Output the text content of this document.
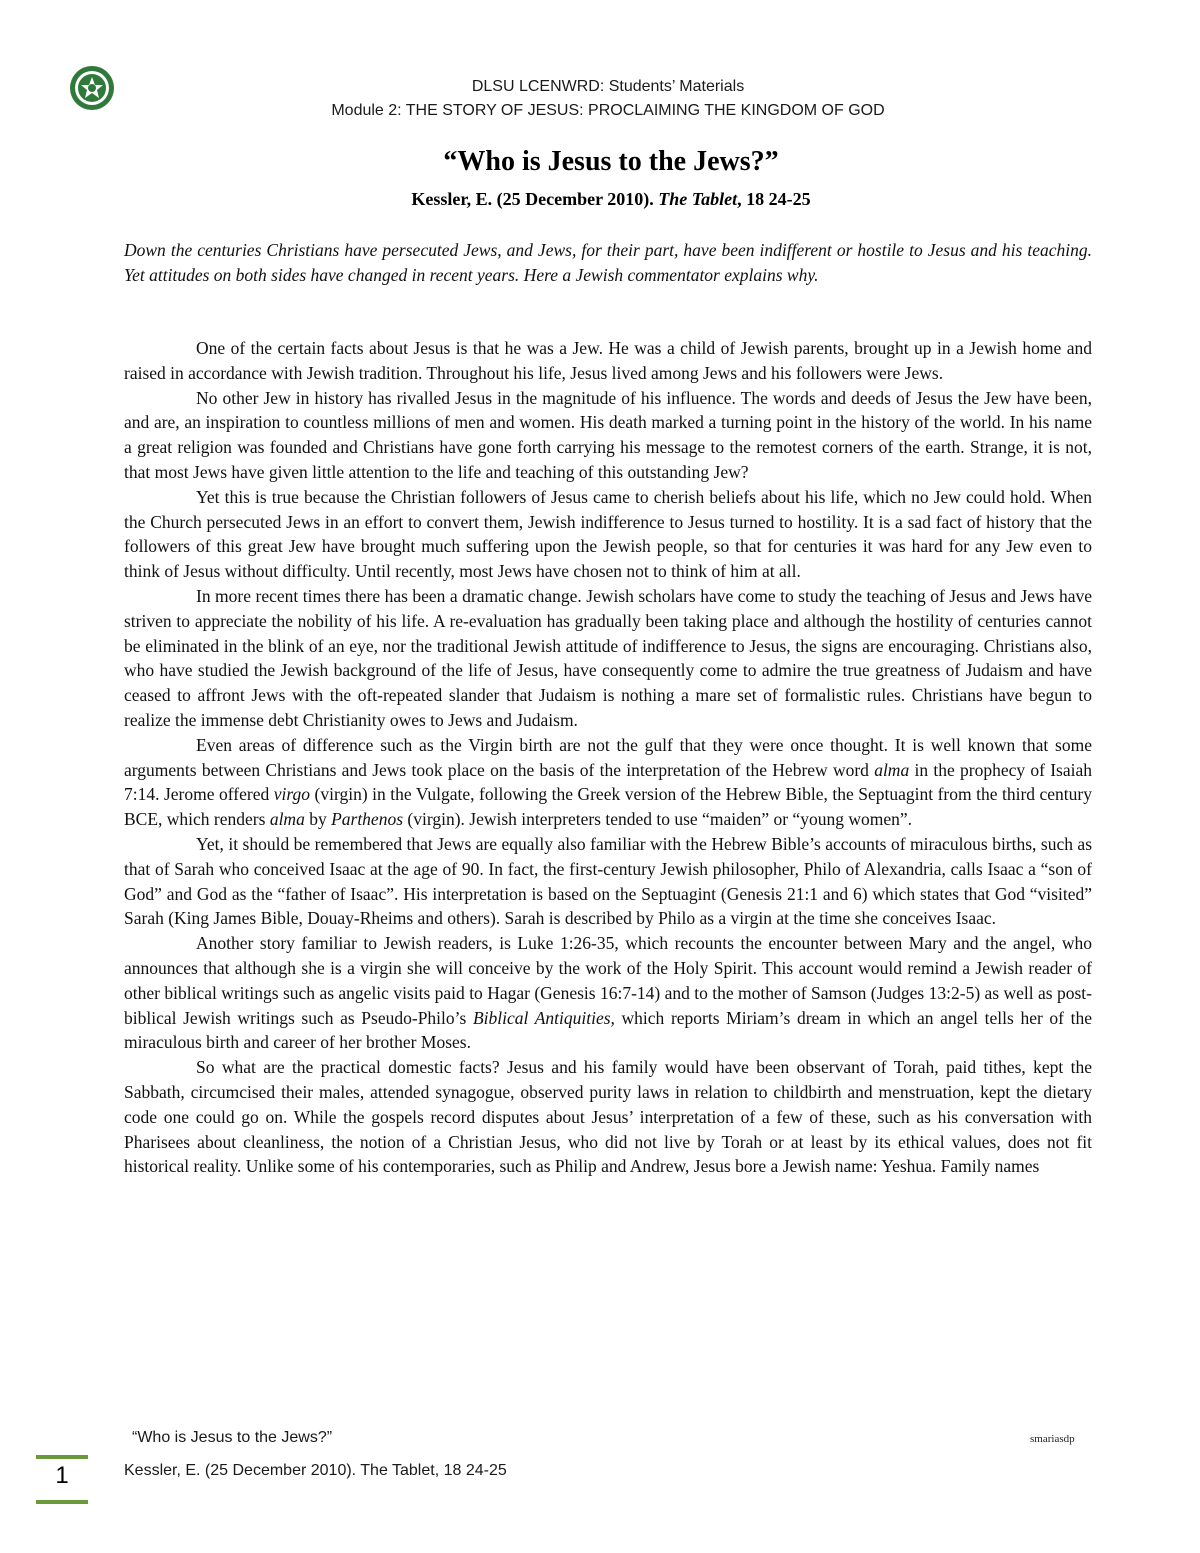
DLSU LCENWRD: Students’ Materials
Module 2: THE STORY OF JESUS: PROCLAIMING THE KINGDOM OF GOD
“Who is Jesus to the Jews?”
Kessler, E. (25 December 2010). The Tablet, 18 24-25

Down the centuries Christians have persecuted Jews, and Jews, for their part, have been indifferent or hostile to Jesus and his teaching. Yet attitudes on both sides have changed in recent years. Here a Jewish commentator explains why.

One of the certain facts about Jesus is that he was a Jew. He was a child of Jewish parents, brought up in a Jewish home and raised in accordance with Jewish tradition. Throughout his life, Jesus lived among Jews and his followers were Jews.

No other Jew in history has rivalled Jesus in the magnitude of his influence. The words and deeds of Jesus the Jew have been, and are, an inspiration to countless millions of men and women. His death marked a turning point in the history of the world. In his name a great religion was founded and Christians have gone forth carrying his message to the remotest corners of the earth. Strange, it is not, that most Jews have given little attention to the life and teaching of this outstanding Jew?

Yet this is true because the Christian followers of Jesus came to cherish beliefs about his life, which no Jew could hold. When the Church persecuted Jews in an effort to convert them, Jewish indifference to Jesus turned to hostility. It is a sad fact of history that the followers of this great Jew have brought much suffering upon the Jewish people, so that for centuries it was hard for any Jew even to think of Jesus without difficulty. Until recently, most Jews have chosen not to think of him at all.

In more recent times there has been a dramatic change. Jewish scholars have come to study the teaching of Jesus and Jews have striven to appreciate the nobility of his life. A re-evaluation has gradually been taking place and although the hostility of centuries cannot be eliminated in the blink of an eye, nor the traditional Jewish attitude of indifference to Jesus, the signs are encouraging. Christians also, who have studied the Jewish background of the life of Jesus, have consequently come to admire the true greatness of Judaism and have ceased to affront Jews with the oft-repeated slander that Judaism is nothing a mare set of formalistic rules. Christians have begun to realize the immense debt Christianity owes to Jews and Judaism.

Even areas of difference such as the Virgin birth are not the gulf that they were once thought. It is well known that some arguments between Christians and Jews took place on the basis of the interpretation of the Hebrew word alma in the prophecy of Isaiah 7:14. Jerome offered virgo (virgin) in the Vulgate, following the Greek version of the Hebrew Bible, the Septuagint from the third century BCE, which renders alma by Parthenos (virgin). Jewish interpreters tended to use “maiden” or “young women”.

Yet, it should be remembered that Jews are equally also familiar with the Hebrew Bible’s accounts of miraculous births, such as that of Sarah who conceived Isaac at the age of 90. In fact, the first-century Jewish philosopher, Philo of Alexandria, calls Isaac a “son of God” and God as the “father of Isaac”. His interpretation is based on the Septuagint (Genesis 21:1 and 6) which states that God “visited” Sarah (King James Bible, Douay-Rheims and others). Sarah is described by Philo as a virgin at the time she conceives Isaac.

Another story familiar to Jewish readers, is Luke 1:26-35, which recounts the encounter between Mary and the angel, who announces that although she is a virgin she will conceive by the work of the Holy Spirit. This account would remind a Jewish reader of other biblical writings such as angelic visits paid to Hagar (Genesis 16:7-14) and to the mother of Samson (Judges 13:2-5) as well as post-biblical Jewish writings such as Pseudo-Philo’s Biblical Antiquities, which reports Miriam’s dream in which an angel tells her of the miraculous birth and career of her brother Moses.

So what are the practical domestic facts? Jesus and his family would have been observant of Torah, paid tithes, kept the Sabbath, circumcised their males, attended synagogue, observed purity laws in relation to childbirth and menstruation, kept the dietary code one could go on. While the gospels record disputes about Jesus’ interpretation of a few of these, such as his conversation with Pharisees about cleanliness, the notion of a Christian Jesus, who did not live by Torah or at least by its ethical values, does not fit historical reality. Unlike some of his contemporaries, such as Philip and Andrew, Jesus bore a Jewish name: Yeshua. Family names

“Who is Jesus to the Jews?”	smariasdp
Kessler, E. (25 December 2010). The Tablet, 18 24-25
1
